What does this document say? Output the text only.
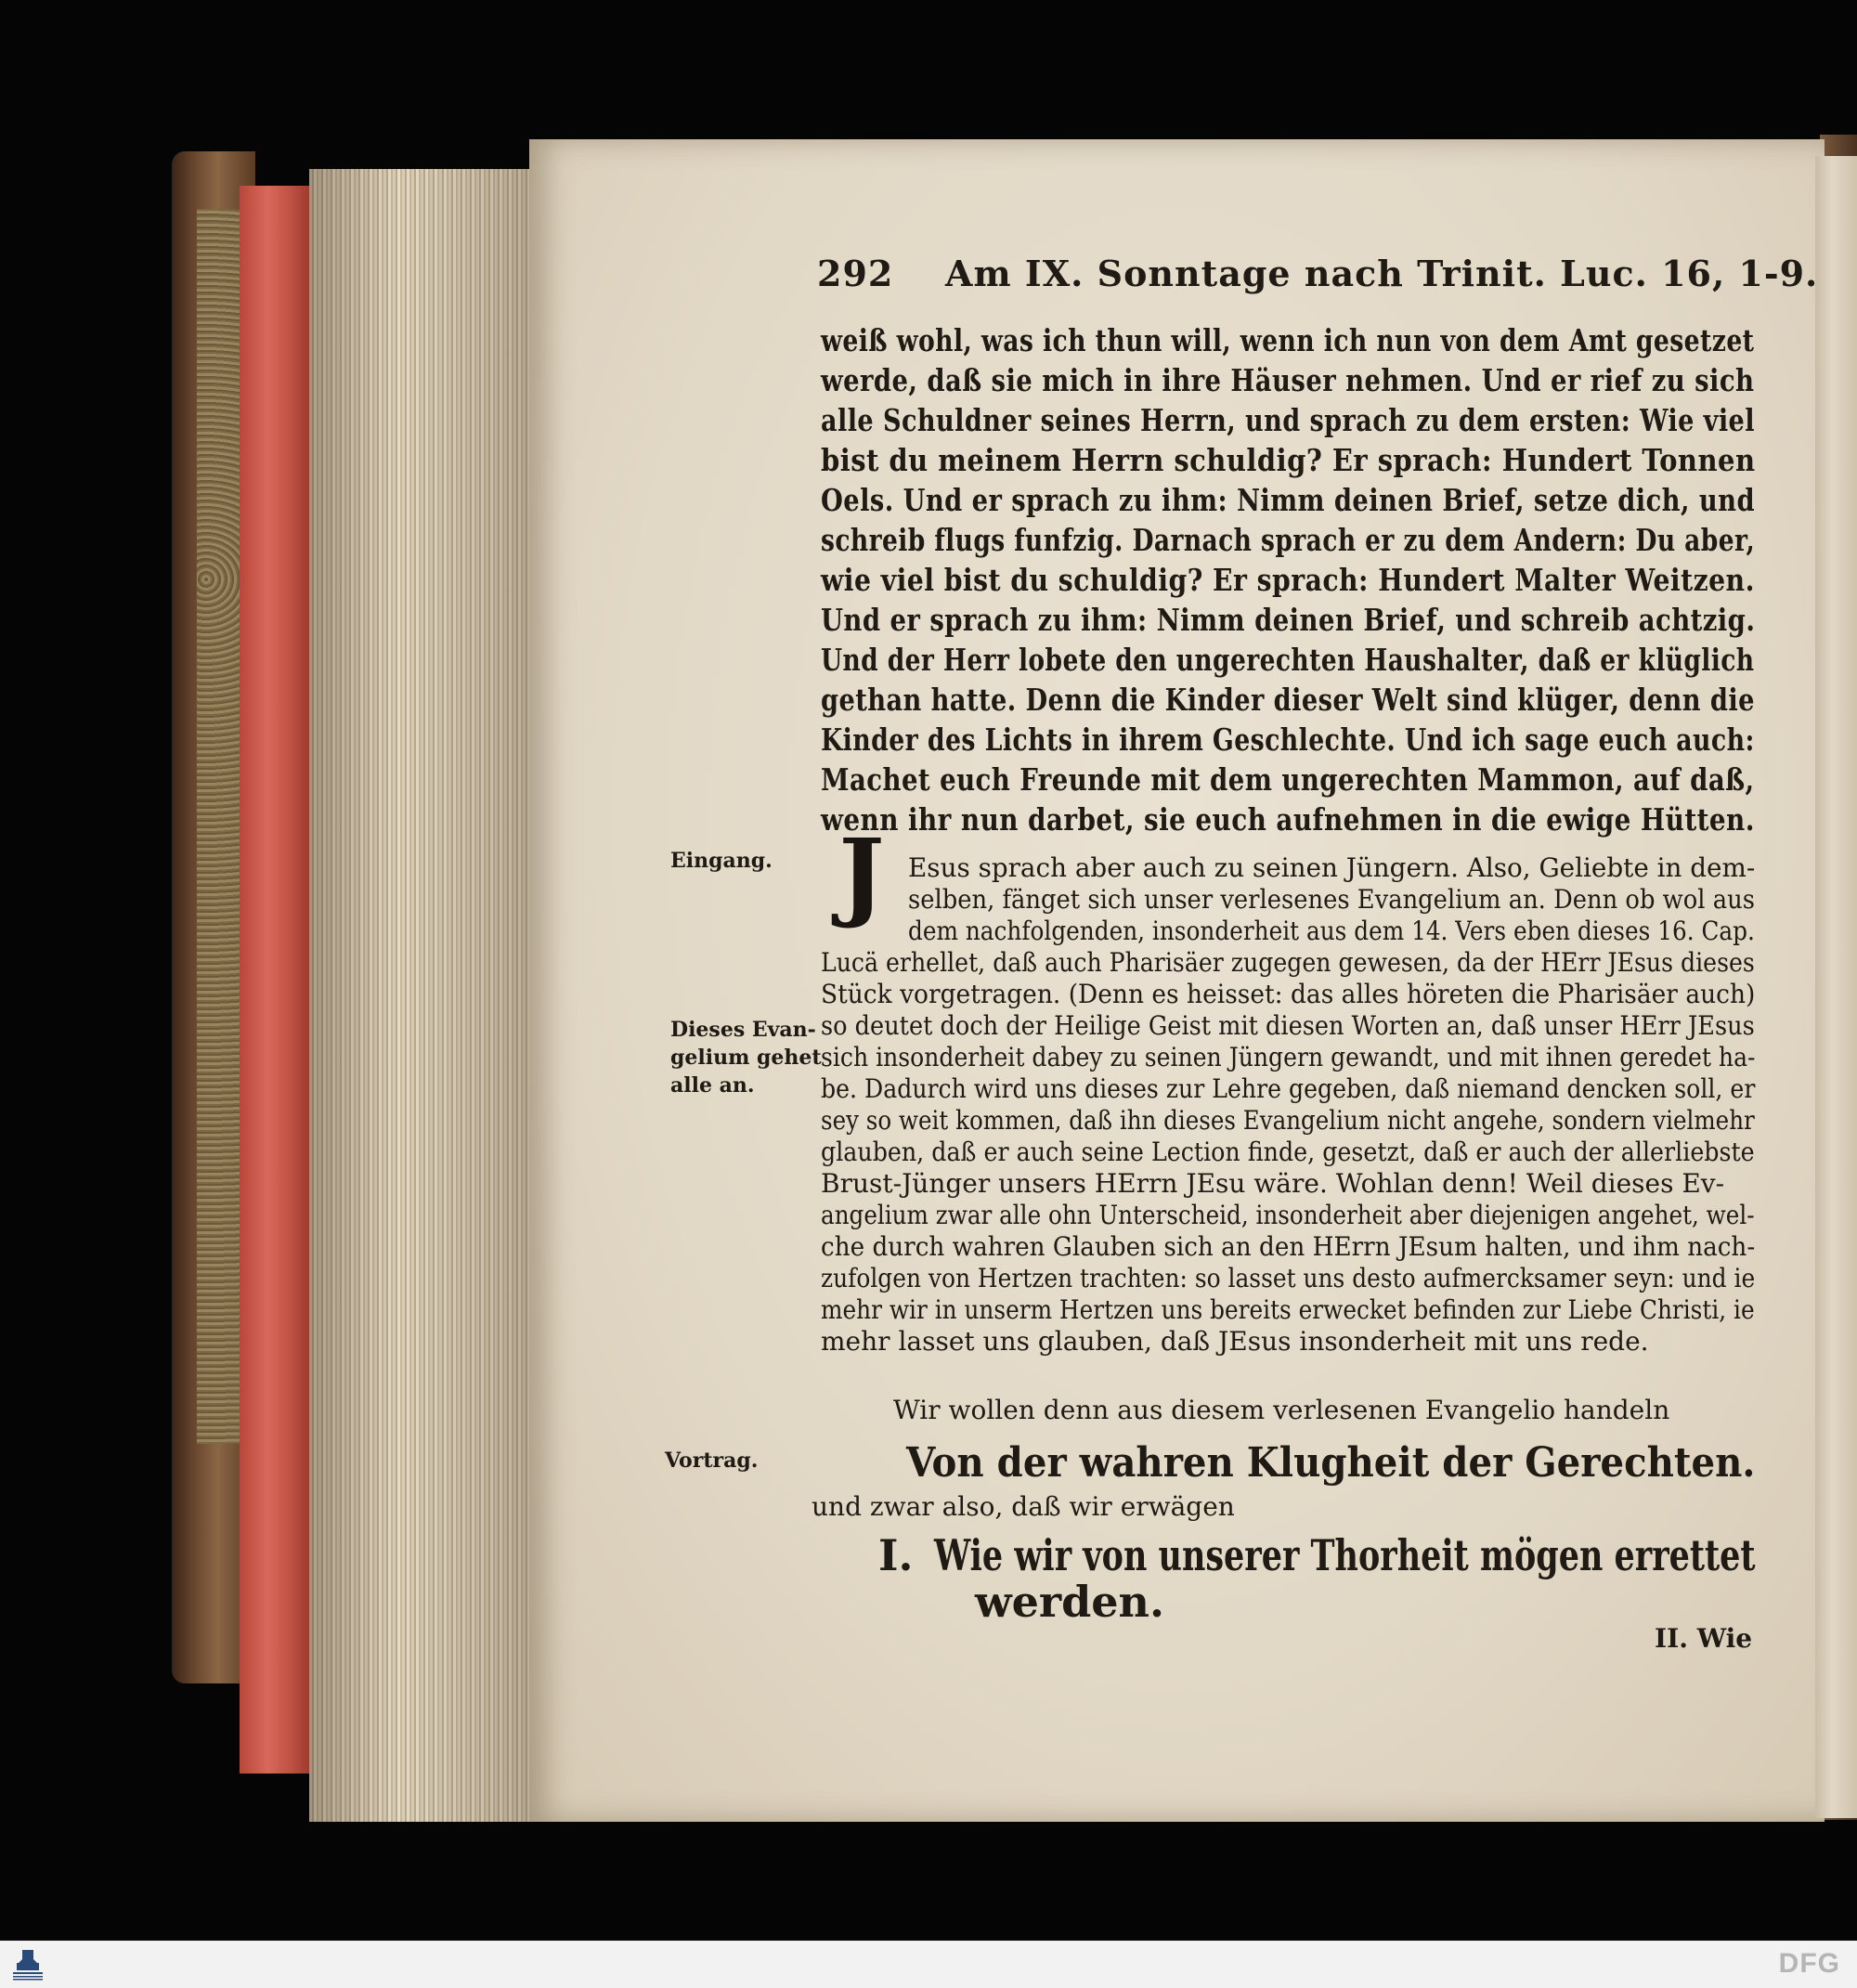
292 Am IX. Sonntage nach Trinit. Luc. 16, 1-9.
weiß wohl, was ich thun will, wenn ich nun von dem Amt gesetzet
werde, daß sie mich in ihre Häuser nehmen. Und er rief zu sich
alle Schuldner seines Herrn, und sprach zu dem ersten: Wie viel
bist du meinem Herrn schuldig? Er sprach: Hundert Tonnen
Oels. Und er sprach zu ihm: Nimm deinen Brief, setze dich, und
schreib flugs funfzig. Darnach sprach er zu dem Andern: Du aber,
wie viel bist du schuldig? Er sprach: Hundert Malter Weitzen.
Und er sprach zu ihm: Nimm deinen Brief, und schreib achtzig.
Und der Herr lobete den ungerechten Haushalter, daß er klüglich
gethan hatte. Denn die Kinder dieser Welt sind klüger, denn die
Kinder des Lichts in ihrem Geschlechte. Und ich sage euch auch:
Machet euch Freunde mit dem ungerechten Mammon, auf daß,
wenn ihr nun darbet, sie euch aufnehmen in die ewige Hütten.
Eingang.
Dieses Evan-
gelium gehet
alle an.
Vortrag.
J Esus sprach aber auch zu seinen Jüngern. Also, Geliebte in dem-
selben, fänget sich unser verlesenes Evangelium an. Denn ob wol aus
dem nachfolgenden, insonderheit aus dem 14. Vers eben dieses 16. Cap.
Lucä erhellet, daß auch Pharisäer zugegen gewesen, da der HErr JEsus dieses
Stück vorgetragen. (Denn es heisset: das alles höreten die Pharisäer auch)
so deutet doch der Heilige Geist mit diesen Worten an, daß unser HErr JEsus
sich insonderheit dabey zu seinen Jüngern gewandt, und mit ihnen geredet ha-
be. Dadurch wird uns dieses zur Lehre gegeben, daß niemand dencken soll, er
sey so weit kommen, daß ihn dieses Evangelium nicht angehe, sondern vielmehr
glauben, daß er auch seine Lection finde, gesetzt, daß er auch der allerliebste
Brust-Jünger unsers HErrn JEsu wäre. Wohlan denn! Weil dieses Ev-
angelium zwar alle ohn Unterscheid, insonderheit aber diejenigen angehet, wel-
che durch wahren Glauben sich an den HErrn JEsum halten, und ihm nach-
zufolgen von Hertzen trachten: so lasset uns desto aufmercksamer seyn: und ie
mehr wir in unserm Hertzen uns bereits erwecket befinden zur Liebe Christi, ie
mehr lasset uns glauben, daß JEsus insonderheit mit uns rede.
Wir wollen denn aus diesem verlesenen Evangelio handeln
Von der wahren Klugheit der Gerechten.
und zwar also, daß wir erwägen
I. Wie wir von unserer Thorheit mögen errettet
werden.
II. Wie
DFG
